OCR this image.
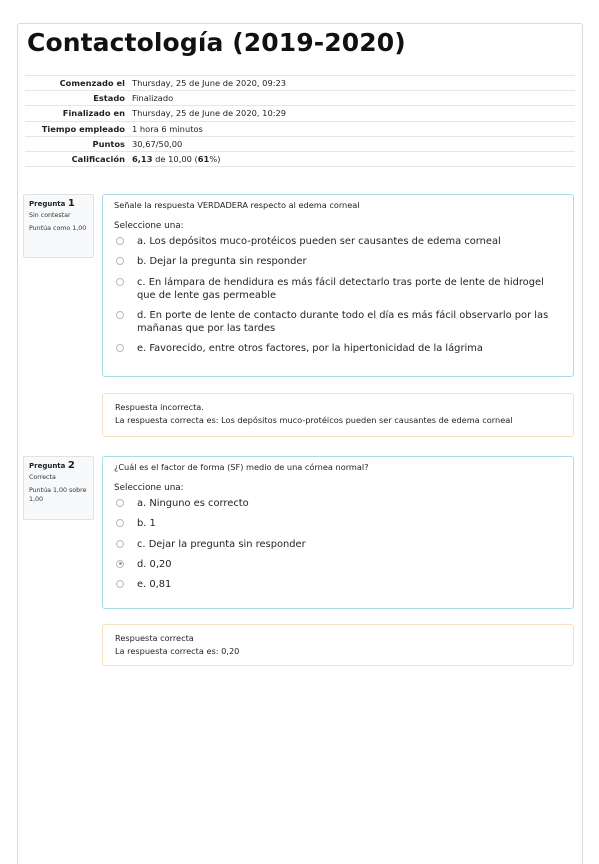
Contactología (2019-2020)
Comenzado el	Thursday, 25 de June de 2020, 09:23
Estado	Finalizado
Finalizado en	Thursday, 25 de June de 2020, 10:29
Tiempo empleado	1 hora 6 minutos
Puntos	30,67/50,00
Calificación	6,13 de 10,00 (61%)
Pregunta 1
Sin contestar
Puntúa como 1,00

Señale la respuesta VERDADERA respecto al edema corneal

Seleccione una:

a. Los depósitos muco-protéicos pueden ser causantes de edema corneal
b. Dejar la pregunta sin responder
c. En lámpara de hendidura es más fácil detectarlo tras porte de lente de hidrogel que de lente gas permeable
d. En porte de lente de contacto durante todo el día es más fácil observarlo por las mañanas que por las tardes
e. Favorecido, entre otros factores, por la hipertonicidad de la lágrima
Respuesta incorrecta.
La respuesta correcta es: Los depósitos muco-protéicos pueden ser causantes de edema corneal
Pregunta 2
Correcta
Puntúa 1,00 sobre 1,00

¿Cuál es el factor de forma (SF) medio de una córnea normal?

Seleccione una:

a. Ninguno es correcto
b. 1
c. Dejar la pregunta sin responder
d. 0,20
e. 0,81
Respuesta correcta
La respuesta correcta es: 0,20
